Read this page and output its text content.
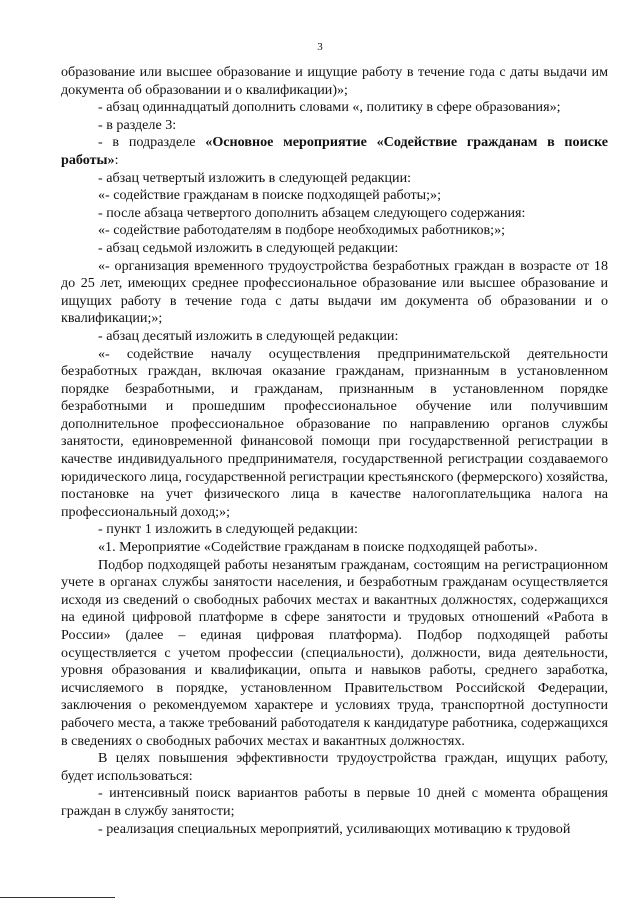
3

образование или высшее образование и ищущие работу в течение года с даты выдачи им документа об образовании и о квалификации)»;

- абзац одиннадцатый дополнить словами «, политику в сфере образования»;

- в разделе 3:

- в подразделе «Основное мероприятие «Содействие гражданам в поиске работы»:

- абзац четвертый изложить в следующей редакции:

«- содействие гражданам в поиске подходящей работы;»;

- после абзаца четвертого дополнить абзацем следующего содержания:

«- содействие работодателям в подборе необходимых работников;»;

- абзац седьмой изложить в следующей редакции:

«- организация временного трудоустройства безработных граждан в возрасте от 18 до 25 лет, имеющих среднее профессиональное образование или высшее образование и ищущих работу в течение года с даты выдачи им документа об образовании и о квалификации;»;

- абзац десятый изложить в следующей редакции:

«- содействие началу осуществления предпринимательской деятельности безработных граждан, включая оказание гражданам, признанным в установленном порядке безработными, и гражданам, признанным в установленном порядке безработными и прошедшим профессиональное обучение или получившим дополнительное профессиональное образование по направлению органов службы занятости, единовременной финансовой помощи при государственной регистрации в качестве индивидуального предпринимателя, государственной регистрации создаваемого юридического лица, государственной регистрации крестьянского (фермерского) хозяйства, постановке на учет физического лица в качестве налогоплательщика налога на профессиональный доход;»;

- пункт 1 изложить в следующей редакции:

«1. Мероприятие «Содействие гражданам в поиске подходящей работы».

Подбор подходящей работы незанятым гражданам, состоящим на регистрационном учете в органах службы занятости населения, и безработным гражданам осуществляется исходя из сведений о свободных рабочих местах и вакантных должностях, содержащихся на единой цифровой платформе в сфере занятости и трудовых отношений «Работа в России» (далее – единая цифровая платформа). Подбор подходящей работы осуществляется с учетом профессии (специальности), должности, вида деятельности, уровня образования и квалификации, опыта и навыков работы, среднего заработка, исчисляемого в порядке, установленном Правительством Российской Федерации, заключения о рекомендуемом характере и условиях труда, транспортной доступности рабочего места, а также требований работодателя к кандидатуре работника, содержащихся в сведениях о свободных рабочих местах и вакантных должностях.

В целях повышения эффективности трудоустройства граждан, ищущих работу, будет использоваться:

- интенсивный поиск вариантов работы в первые 10 дней с момента обращения граждан в службу занятости;

- реализация специальных мероприятий, усиливающих мотивацию к трудовой
